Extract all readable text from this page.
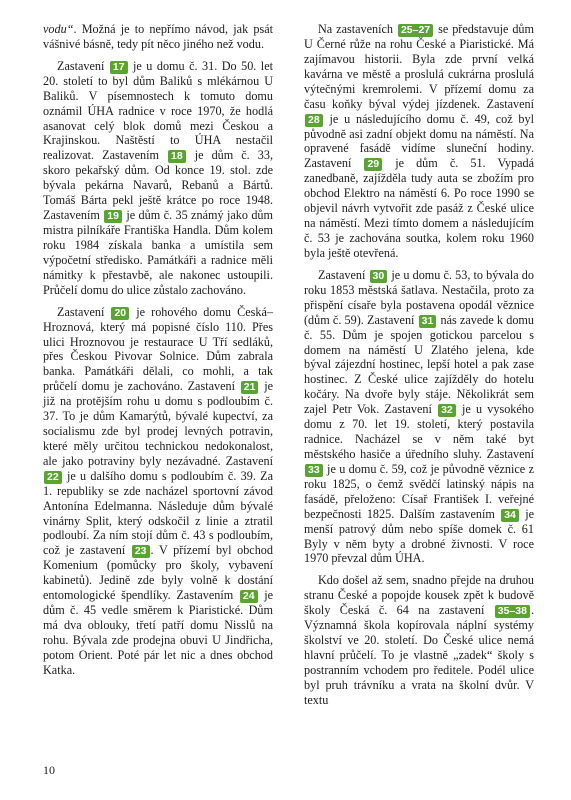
vodu“. Možná je to nepřímo návod, jak psát vášnivé básně, tedy pít něco jiného než vodu.

Zastavení 17 je u domu č. 31. Do 50. let 20. století to byl dům Baliků s mlékárnou U Baliků. V písemnostech k tomuto domu oznámil ÚHA radnice v roce 1970, že hodlá asanovat celý blok domů mezi Českou a Krajinskou. Naštěstí to ÚHA nestačil realizovat. Zastavením 18 je dům č. 33, skoro pekařský dům. Od konce 19. stol. zde bývala pekárna Navarů, Rebanů a Bártů. Tomáš Bárta pekl ještě krátce po roce 1948. Zastavením 19 je dům č. 35 známý jako dům mistra pilníkáře Františka Handla. Dům kolem roku 1984 získala banka a umístila sem výpočetní středisko. Památkáři a radnice měli námitky k přestavbě, ale nakonec ustoupili. Průčelí domu do ulice zůstalo zachováno.

Zastavení 20 je rohového domu Česká–Hroznová, který má popisné číslo 110. Přes ulici Hroznovou je restaurace U Tří sedláků, přes Českou Pivovar Solnice. Dům zabrala banka. Památkáři dělali, co mohli, a tak průčelí domu je zachováno. Zastavení 21 je již na protějším rohu u domu s podloubím č. 37. To je dům Kamarýtů, bývalé kupectví, za socialismu zde byl prodej levných potravin, které měly určitou technickou nedokonalost, ale jako potraviny byly nezávadné. Zastavení 22 je u dalšího domu s podloubím č. 39. Za 1. republiky se zde nacházel sportovní závod Antonína Edelmanna. Následuje dům bývalé vinárny Split, který odskočil z linie a ztratil podloubí. Za ním stojí dům č. 43 s podloubím, což je zastavení 23 . V přízemí byl obchod Komenium (pomůcky pro školy, vybavení kabinetů). Jedině zde byly volně k dostání entomologické špendlíky. Zastavením 24 je dům č. 45 vedle směrem k Piaristické. Dům má dva oblouky, třetí patří domu Nisslů na rohu. Bývala zde prodejna obuvi U Jindřicha, potom Orient. Poté pár let nic a dnes obchod Katka.

Na zastaveních 25–27 se představuje dům U Černé růže na rohu České a Piaristické. Má zajímavou historii. Byla zde první velká kavárna ve městě a proslulá cukrárna proslulá výtečnými kremrolemi. V přízemí domu za času koňky býval výdej jízdenek. Zastavení 28 je u následujícího domu č. 49, což byl původně asi zadní objekt domu na náměstí. Na opravené fasádě vidíme sluneční hodiny. Zastavení 29 je dům č. 51. Vypadá zanedbaně, zajížděla tudy auta se zbožím pro obchod Elektro na náměstí 6. Po roce 1990 se objevil návrh vytvořit zde pasáž z České ulice na náměstí. Mezi tímto domem a následujícím č. 53 je zachována soutka, kolem roku 1960 byla ještě otevřená.

Zastavení 30 je u domu č. 53, to bývala do roku 1853 městská šatlava. Nestačila, proto za přispění císaře byla postavena opodál věznice (dům č. 59). Zastavení 31 nás zavede k domu č. 55. Dům je spojen gotickou parcelou s domem na náměstí U Zlatého jelena, kde býval zájezdní hostinec, lepší hotel a pak zase hostinec. Z České ulice zajížděly do hotelu kočáry. Na dvoře byly stáje. Několikrát sem zajel Petr Vok. Zastavení 32 je u vysokého domu z 70. let 19. století, který postavila radnice. Nacházel se v něm také byt městského hasiče a úředního sluhy. Zastavení 33 je u domu č. 59, což je původně věznice z roku 1825, o čemž svědčí latinský nápis na fasádě, přeloženo: Císař František I. veřejné bezpečnosti 1825. Dalším zastavením 34 je menší patrový dům nebo spíše domek č. 61 Byly v něm byty a drobné živnosti. V roce 1970 převzal dům ÚHA.

Kdo došel až sem, snadno přejde na druhou stranu České a popojde kousek zpět k budově školy Česká č. 64 na zastavení 35–38 . Významná škola kopírovala náplní systémy školství ve 20. století. Do České ulice nemá hlavní průčelí. To je vlastně „zadek“ školy s postranním vchodem pro ředitele. Podél ulice byl pruh trávníku a vrata na školní dvůr. V textu

10
